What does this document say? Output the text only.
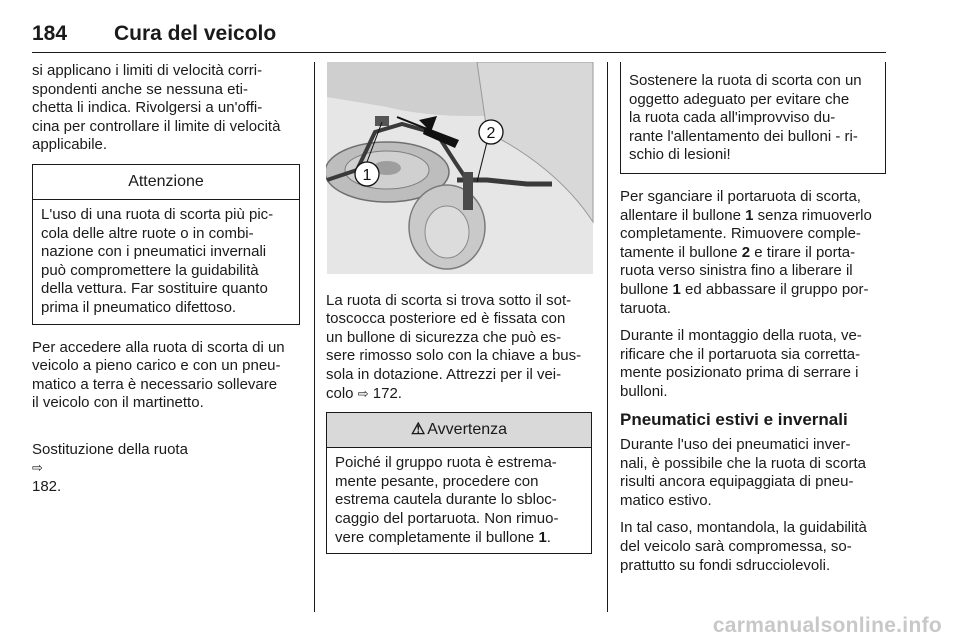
184 Cura del veicolo

si applicano i limiti di velocità corri-
spondenti anche se nessuna eti-
chetta li indica. Rivolgersi a un'offi-
cina per controllare il limite di velocità
applicabile.

Attenzione
L'uso di una ruota di scorta più pic-
cola delle altre ruote o in combi-
nazione con i pneumatici invernali
può compromettere la guidabilità
della vettura. Far sostituire quanto
prima il pneumatico difettoso.

Per accedere alla ruota di scorta di un
veicolo a pieno carico e con un pneu-
matico a terra è necessario sollevare
il veicolo con il martinetto.

Sostituzione della ruota
⇨
182.

1
2

La ruota di scorta si trova sotto il sot-
toscocca posteriore ed è fissata con
un bullone di sicurezza che può es-
sere rimosso solo con la chiave a bus-
sola in dotazione. Attrezzi per il vei-
colo ⇨ 172.

⚠ Avvertenza
Poiché il gruppo ruota è estrema-
mente pesante, procedere con
estrema cautela durante lo sbloc-
caggio del portaruota. Non rimuo-
vere completamente il bullone 1.
Sostenere la ruota di scorta con un
oggetto adeguato per evitare che
la ruota cada all'improvviso du-
rante l'allentamento dei bulloni - ri-
schio di lesioni!

Per sganciare il portaruota di scorta,
allentare il bullone 1 senza rimuoverlo
completamente. Rimuovere comple-
tamente il bullone 2 e tirare il porta-
ruota verso sinistra fino a liberare il
bullone 1 ed abbassare il gruppo por-
taruota.

Durante il montaggio della ruota, ve-
rificare che il portaruota sia corretta-
mente posizionato prima di serrare i
bulloni.

Pneumatici estivi e invernali

Durante l'uso dei pneumatici inver-
nali, è possibile che la ruota di scorta
risulti ancora equipaggiata di pneu-
matico estivo.

In tal caso, montandola, la guidabilità
del veicolo sarà compromessa, so-
prattutto su fondi sdrucciolevoli.

carmanualsonline.info
